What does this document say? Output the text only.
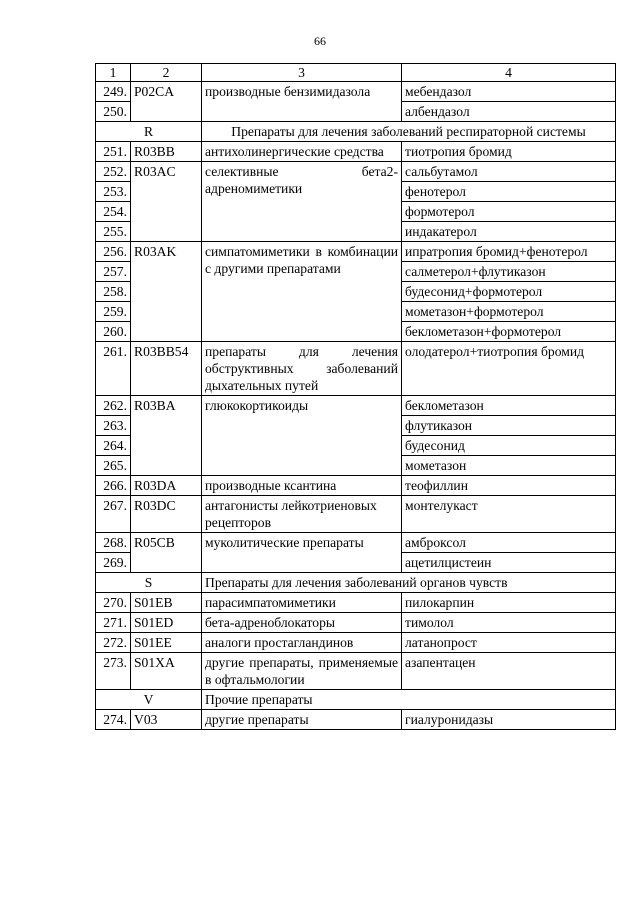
66
1	2	3	4
249.	P02CA	производные бензимидазола	мебендазол
250.			албендазол
R		Препараты для лечения заболеваний респираторной системы	
251.	R03BB	антихолинергические средства	тиотропия бромид
252.	R03AC	селективные бета2-адреномиметики	сальбутамол
253.			фенотерол
254.			формотерол
255.			индакатерол
256.	R03AK	симпатомиметики в комбинации с другими препаратами	ипратропия бромид+фенотерол
257.			салметерол+флутиказон
258.			будесонид+формотерол
259.			мометазон+формотерол
260.			беклометазон+формотерол
261.	R03BB54	препараты для лечения обструктивных заболеваний дыхательных путей	олодатерол+тиотропия бромид
262.	R03BA	глюкокортикоиды	беклометазон
263.			флутиказон
264.			будесонид
265.			мометазон
266.	R03DA	производные ксантина	теофиллин
267.	R03DC	антагонисты лейкотриеновых рецепторов	монтелукаст
268.	R05CB	муколитические препараты	амброксол
269.			ацетилцистеин
S		Препараты для лечения заболеваний органов чувств	
270.	S01EB	парасимпатомиметики	пилокарпин
271.	S01ED	бета-адреноблокаторы	тимолол
272.	S01EE	аналоги простагландинов	латанопрост
273.	S01XA	другие препараты, применяемые в офтальмологии	азапентацен
V		Прочие препараты	
274.	V03	другие препараты	гиалуронидазы
